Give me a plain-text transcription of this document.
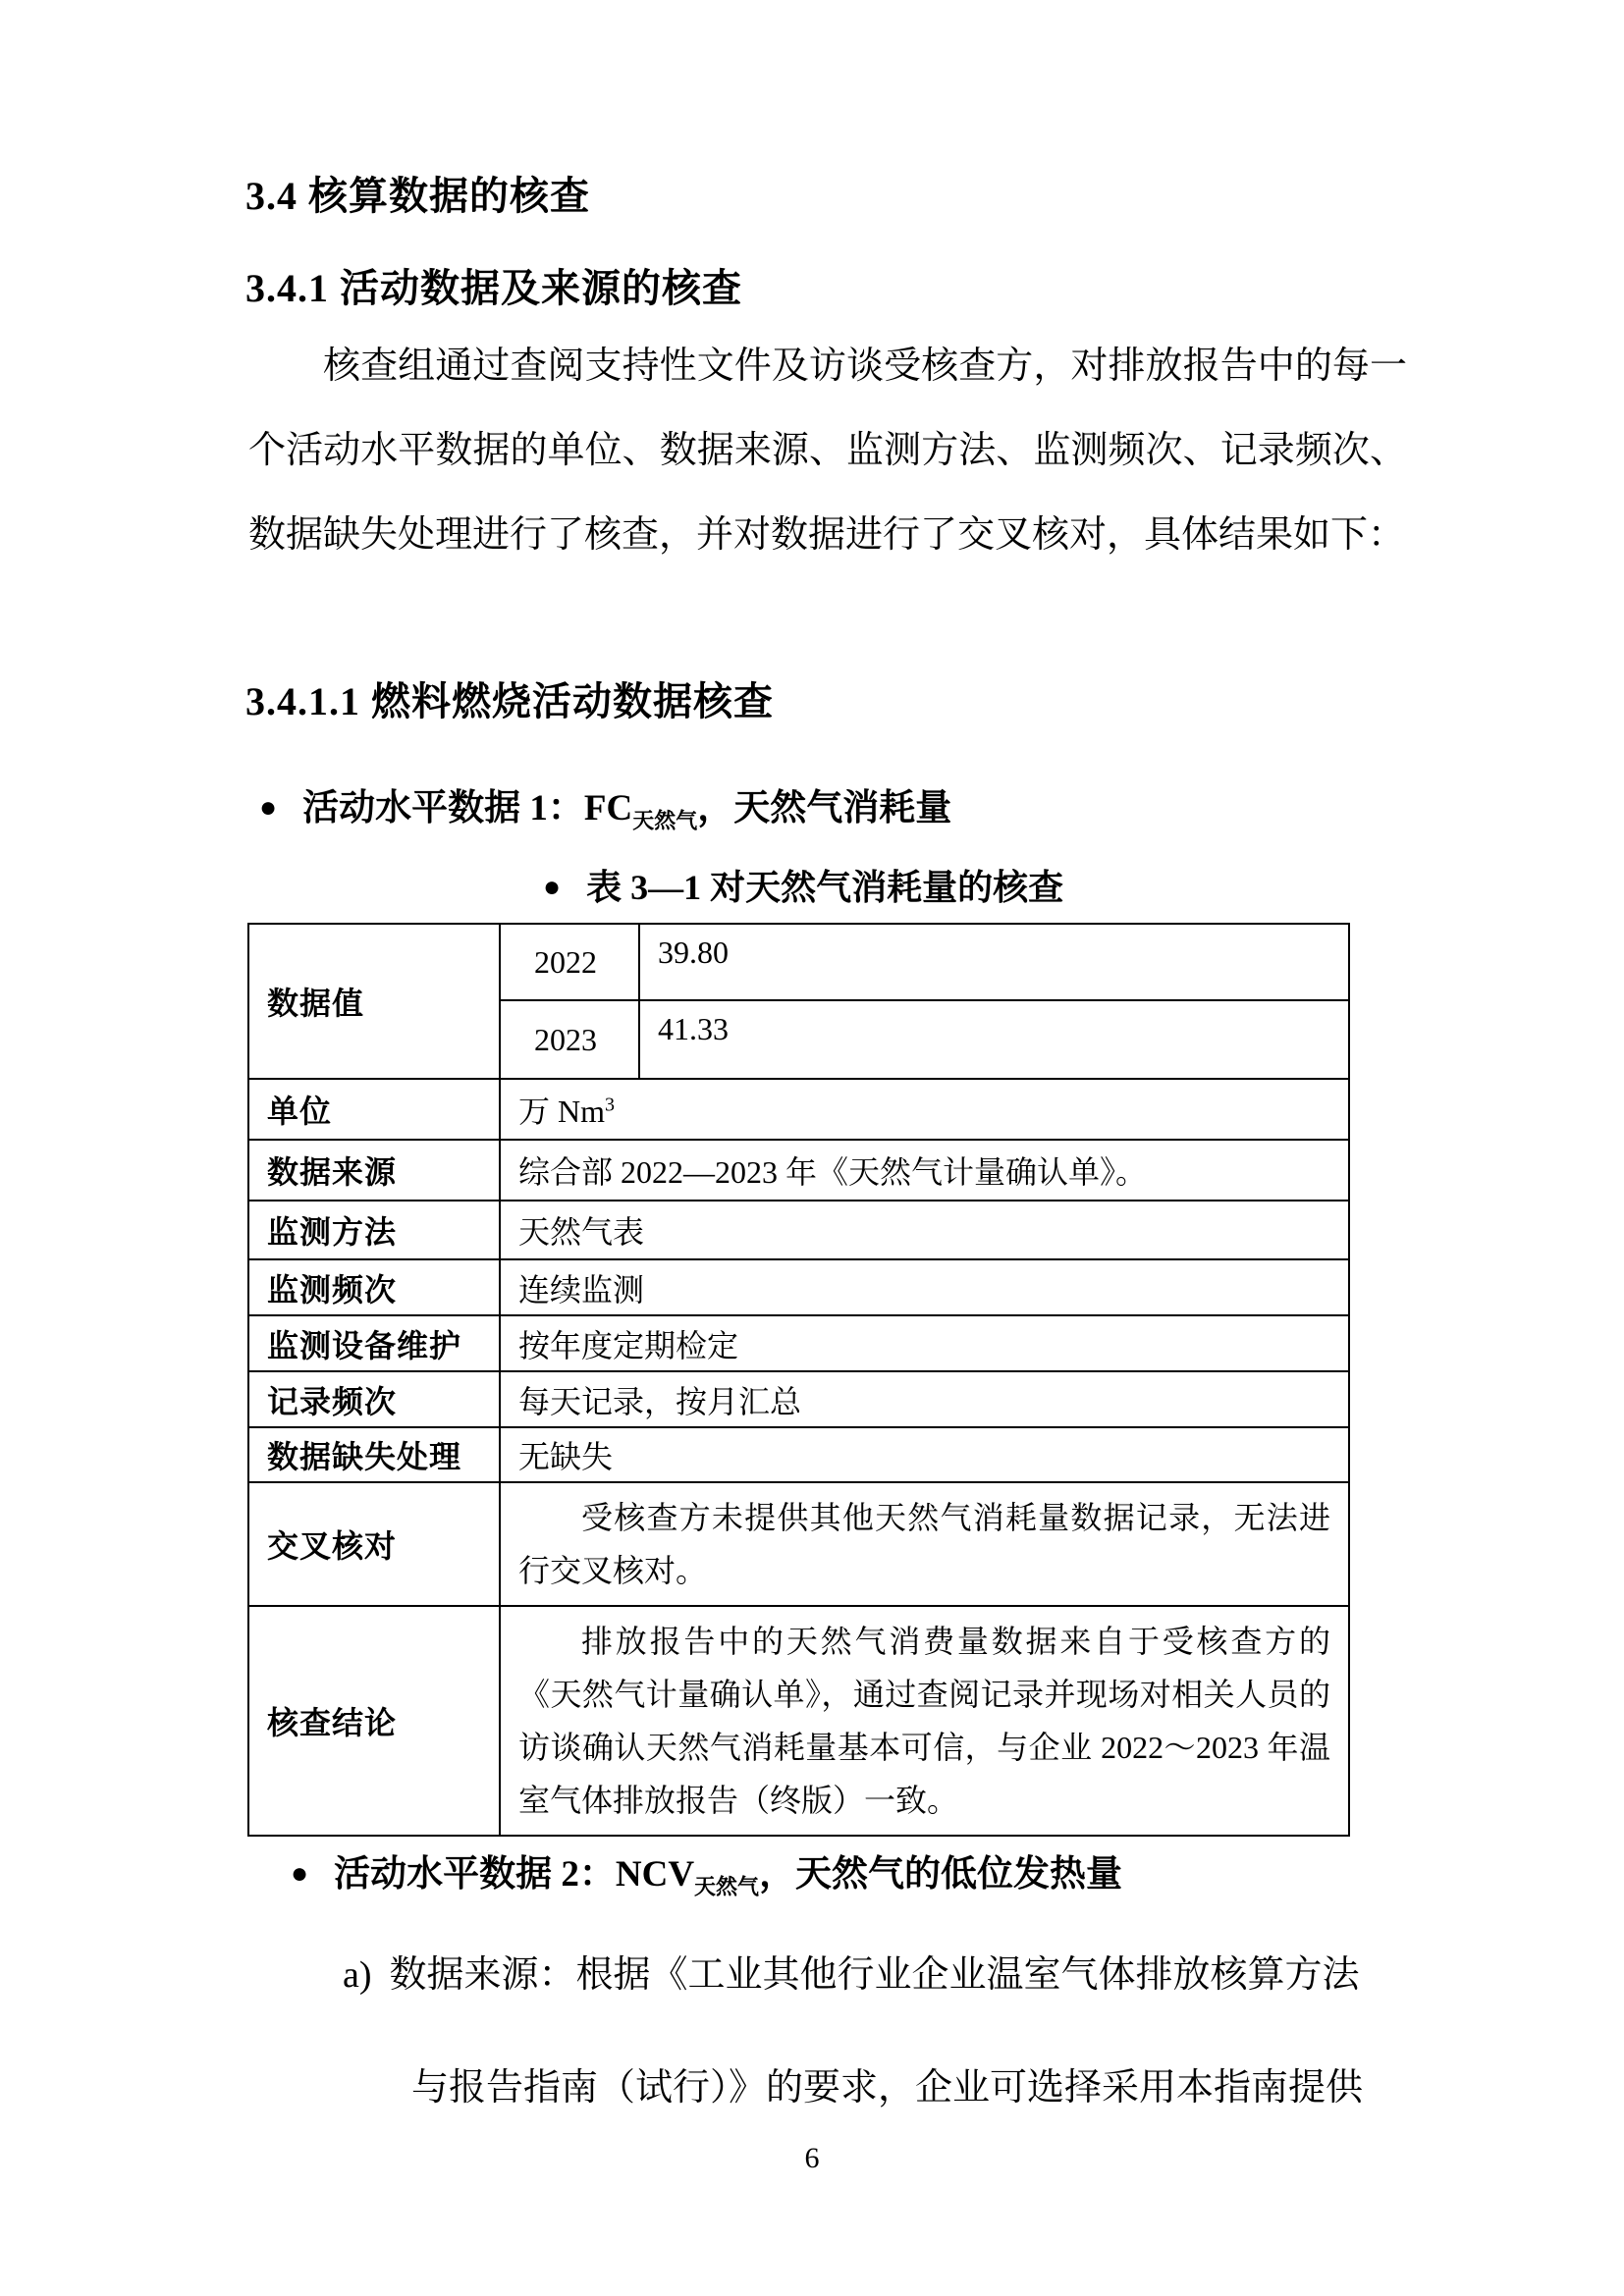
3.4 核算数据的核查
3.4.1 活动数据及来源的核查
核查组通过查阅支持性文件及访谈受核查方，对排放报告中的每一个活动水平数据的单位、数据来源、监测方法、监测频次、记录频次、数据缺失处理进行了核查，并对数据进行了交叉核对，具体结果如下：
3.4.1.1 燃料燃烧活动数据核查
● 活动水平数据 1：$FC_{天然气}$，天然气消耗量
● 表 3—1 对天然气消耗量的核查
数据值	2022	39.80
	2023	41.33
单位	万 Nm$^3$
数据来源	综合部 2022—2023 年《天然气计量确认单》。	
监测方法	天然气表	
监测频次	连续监测	
监测设备维护	按年度定期检定	
记录频次	每天记录，按月汇总	
数据缺失处理	无缺失	
交叉核对	受核查方未提供其他天然气消耗量数据记录，无法进行交叉核对。	
核查结论	排放报告中的天然气消费量数据来自于受核查方的《天然气计量确认单》，通过查阅记录并现场对相关人员的访谈确认天然气消耗量基本可信，与企业 2022～2023 年温室气体排放报告（终版）一致。	
● 活动水平数据 2：$NCV_{天然气}$，天然气的低位发热量
a) 数据来源：根据《工业其他行业企业温室气体排放核算方法
与报告指南（试行）》的要求，企业可选择采用本指南提供
6
